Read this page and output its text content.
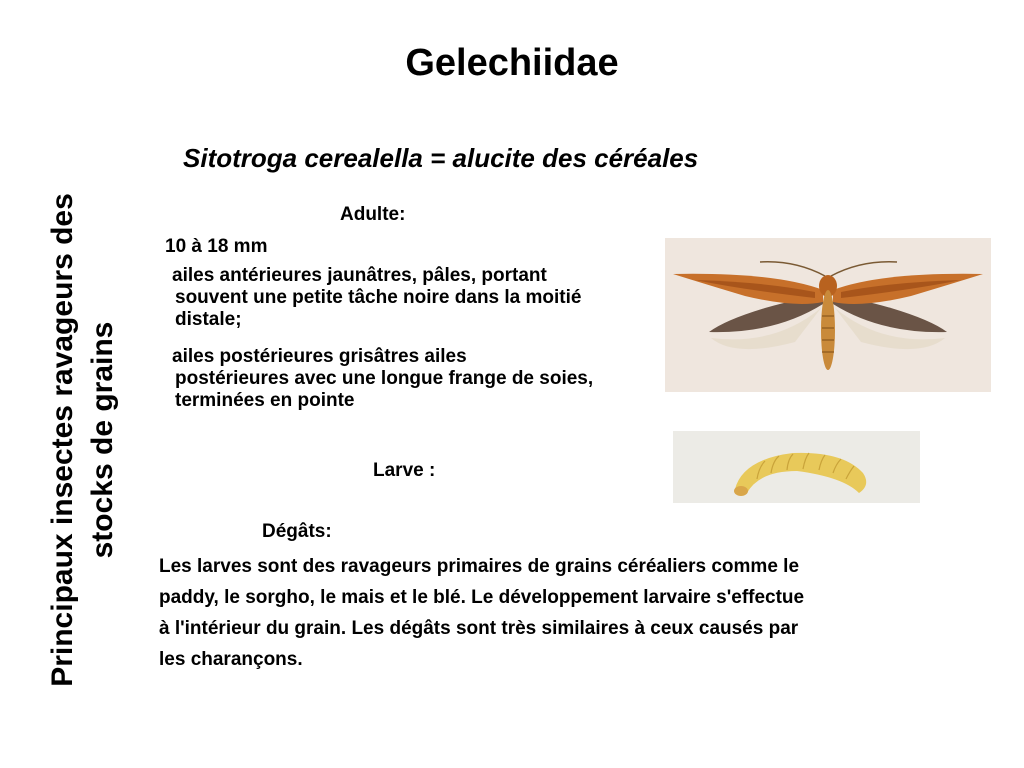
Gelechiidae
Principaux insectes ravageurs des stocks de grains
Sitotroga cerealella = alucite des céréales
Adulte:
10 à 18 mm
ailes antérieures jaunâtres, pâles, portant
souvent une petite tâche noire dans la moitié distale;
ailes postérieures grisâtres ailes
postérieures avec une longue frange de soies, terminées en pointe
Larve :
Dégâts:
Les larves sont des ravageurs primaires de grains céréaliers comme le paddy, le sorgho, le mais et le blé. Le développement larvaire s'effectue à l'intérieur du grain. Les dégâts sont très similaires à ceux causés par les charançons.
